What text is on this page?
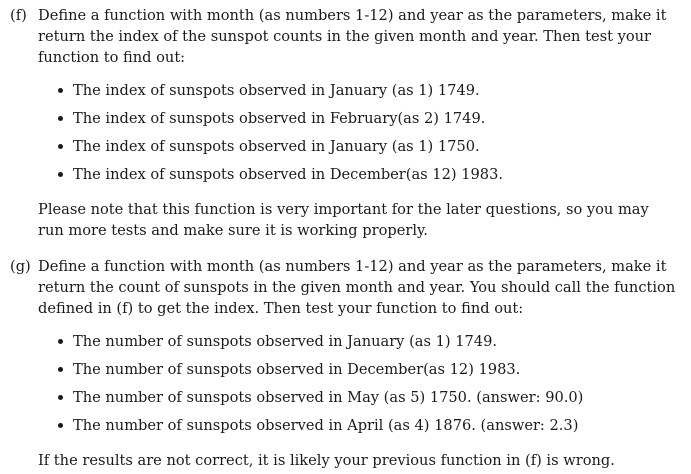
(f) Define a function with month (as numbers 1-12) and year as the parameters, make it
return the index of the sunspot counts in the given month and year. Then test your
function to find out:
The index of sunspots observed in January (as 1) 1749.
The index of sunspots observed in February(as 2) 1749.
The index of sunspots observed in January (as 1) 1750.
The index of sunspots observed in December(as 12) 1983.
Please note that this function is very important for the later questions, so you may
run more tests and make sure it is working properly.
(g) Define a function with month (as numbers 1-12) and year as the parameters, make it
return the count of sunspots in the given month and year. You should call the function
defined in (f) to get the index. Then test your function to find out:
The number of sunspots observed in January (as 1) 1749.
The number of sunspots observed in December(as 12) 1983.
The number of sunspots observed in May (as 5) 1750. (answer: 90.0)
The number of sunspots observed in April (as 4) 1876. (answer: 2.3)
If the results are not correct, it is likely your previous function in (f) is wrong.
